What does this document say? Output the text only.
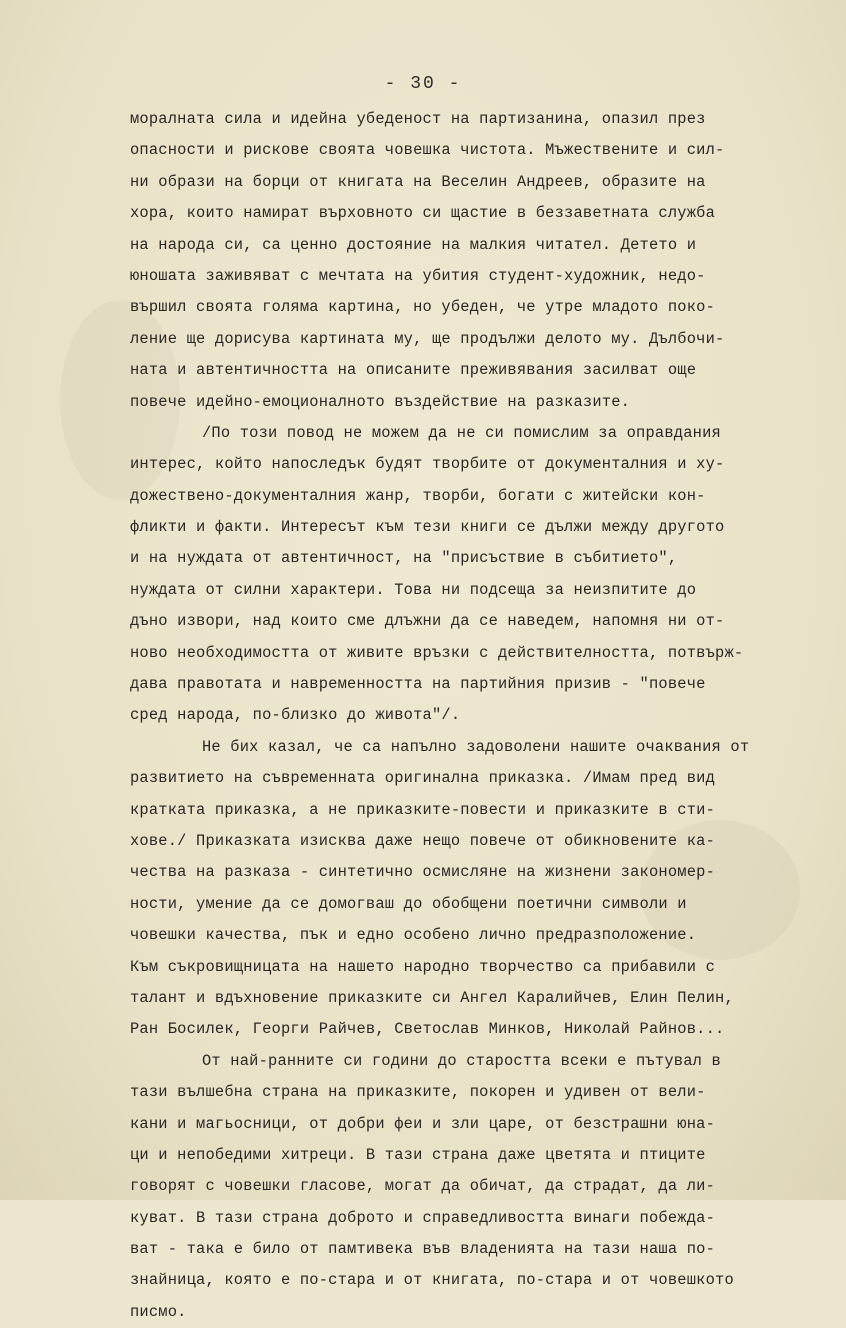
- 30 -
моралната сила и идейна убеденост на партизанина, опазил през
опасности и рискове своята човешка чистота. Мъжествените и сил-
ни образи на борци от книгата на Веселин Андреев, образите на
хора, които намират върховното си щастие в беззаветната служба
на народа си, са ценно достояние на малкия читател. Детето и
юношата заживяват с мечтата на убития студент-художник, недо-
вършил своята голяма картина, но убеден, че утре младото поко-
ление ще дорисува картината му, ще продължи делото му. Дълбочи-
ната и автентичността на описаните преживявания засилват още
повече идейно-емоционалното въздействие на разказите.
/По този повод не можем да не си помислим за оправдания
интерес, който напоследък будят творбите от документалния и ху-
дожествено-документалния жанр, творби, богати с житейски кон-
фликти и факти. Интересът към тези книги се дължи между другото
и на нуждата от автентичност, на "присъствие в събитието",
нуждата от силни характери. Това ни подсеща за неизпитите до
дъно извори, над които сме длъжни да се наведем, напомня ни от-
ново необходимостта от живите връзки с действителността, потвърж-
дава правотата и навременността на партийния призив - "повече
сред народа, по-близко до живота"/.
Не бих казал, че са напълно задоволени нашите очаквания от
развитието на съвременната оригинална приказка. /Имам пред вид
кратката приказка, а не приказките-повести и приказките в сти-
хове./ Приказката изисква даже нещо повече от обикновените ка-
чества на разказа - синтетично осмисляне на жизнени закономер-
ности, умение да се домогваш до обобщени поетични символи и
човешки качества, пък и едно особено лично предразположение.
Към съкровищницата на нашето народно творчество са прибавили с
талант и вдъхновение приказките си Ангел Каралийчев, Елин Пелин,
Ран Босилек, Георги Райчев, Светослав Минков, Николай Райнов...
От най-ранните си години до старостта всеки е пътувал в
тази вълшебна страна на приказките, покорен и удивен от вели-
кани и магьосници, от добри феи и зли царе, от безстрашни юна-
ци и непобедими хитреци. В тази страна даже цветята и птиците
говорят с човешки гласове, могат да обичат, да страдат, да ли-
куват. В тази страна доброто и справедливостта винаги побежда-
ват - така е било от памтивека във владенията на тази наша по-
знайница, която е по-стара и от книгата, по-стара и от човешкото
писмо.
